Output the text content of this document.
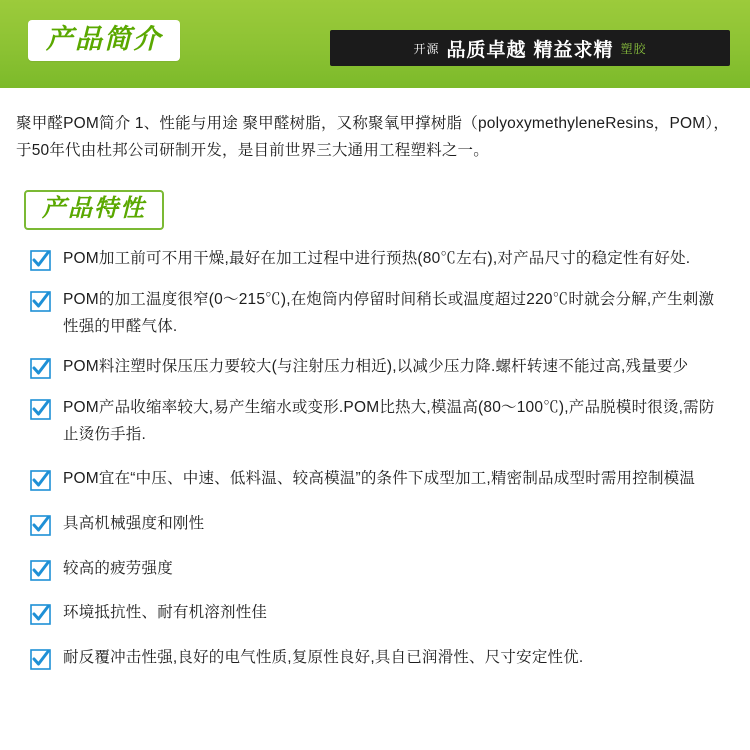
产品简介	开源 品质卓越 精益求精 塑胶

聚甲醛POM简介 1、性能与用途 聚甲醛树脂，又称聚氧甲撑树脂（polyoxymethyleneResins，POM），于50年代由杜邦公司研制开发，是目前世界三大通用工程塑料之一。

产品特性
POM加工前可不用干燥,最好在加工过程中进行预热(80℃左右),对产品尺寸的稳定性有好处.
POM的加工温度很窄(0～215℃),在炮筒内停留时间稍长或温度超过220℃时就会分解,产生刺激性强的甲醛气体.
POM料注塑时保压压力要较大(与注射压力相近),以减少压力降.螺杆转速不能过高,残量要少
POM产品收缩率较大,易产生缩水或变形.POM比热大,模温高(80～100℃),产品脱模时很烫,需防止烫伤手指.
POM宜在“中压、中速、低料温、较高模温”的条件下成型加工,精密制品成型时需用控制模温
具高机械强度和刚性
较高的疲劳强度
环境抵抗性、耐有机溶剂性佳
耐反覆冲击性强,良好的电气性质,复原性良好,具自已润滑性、尺寸安定性优.
